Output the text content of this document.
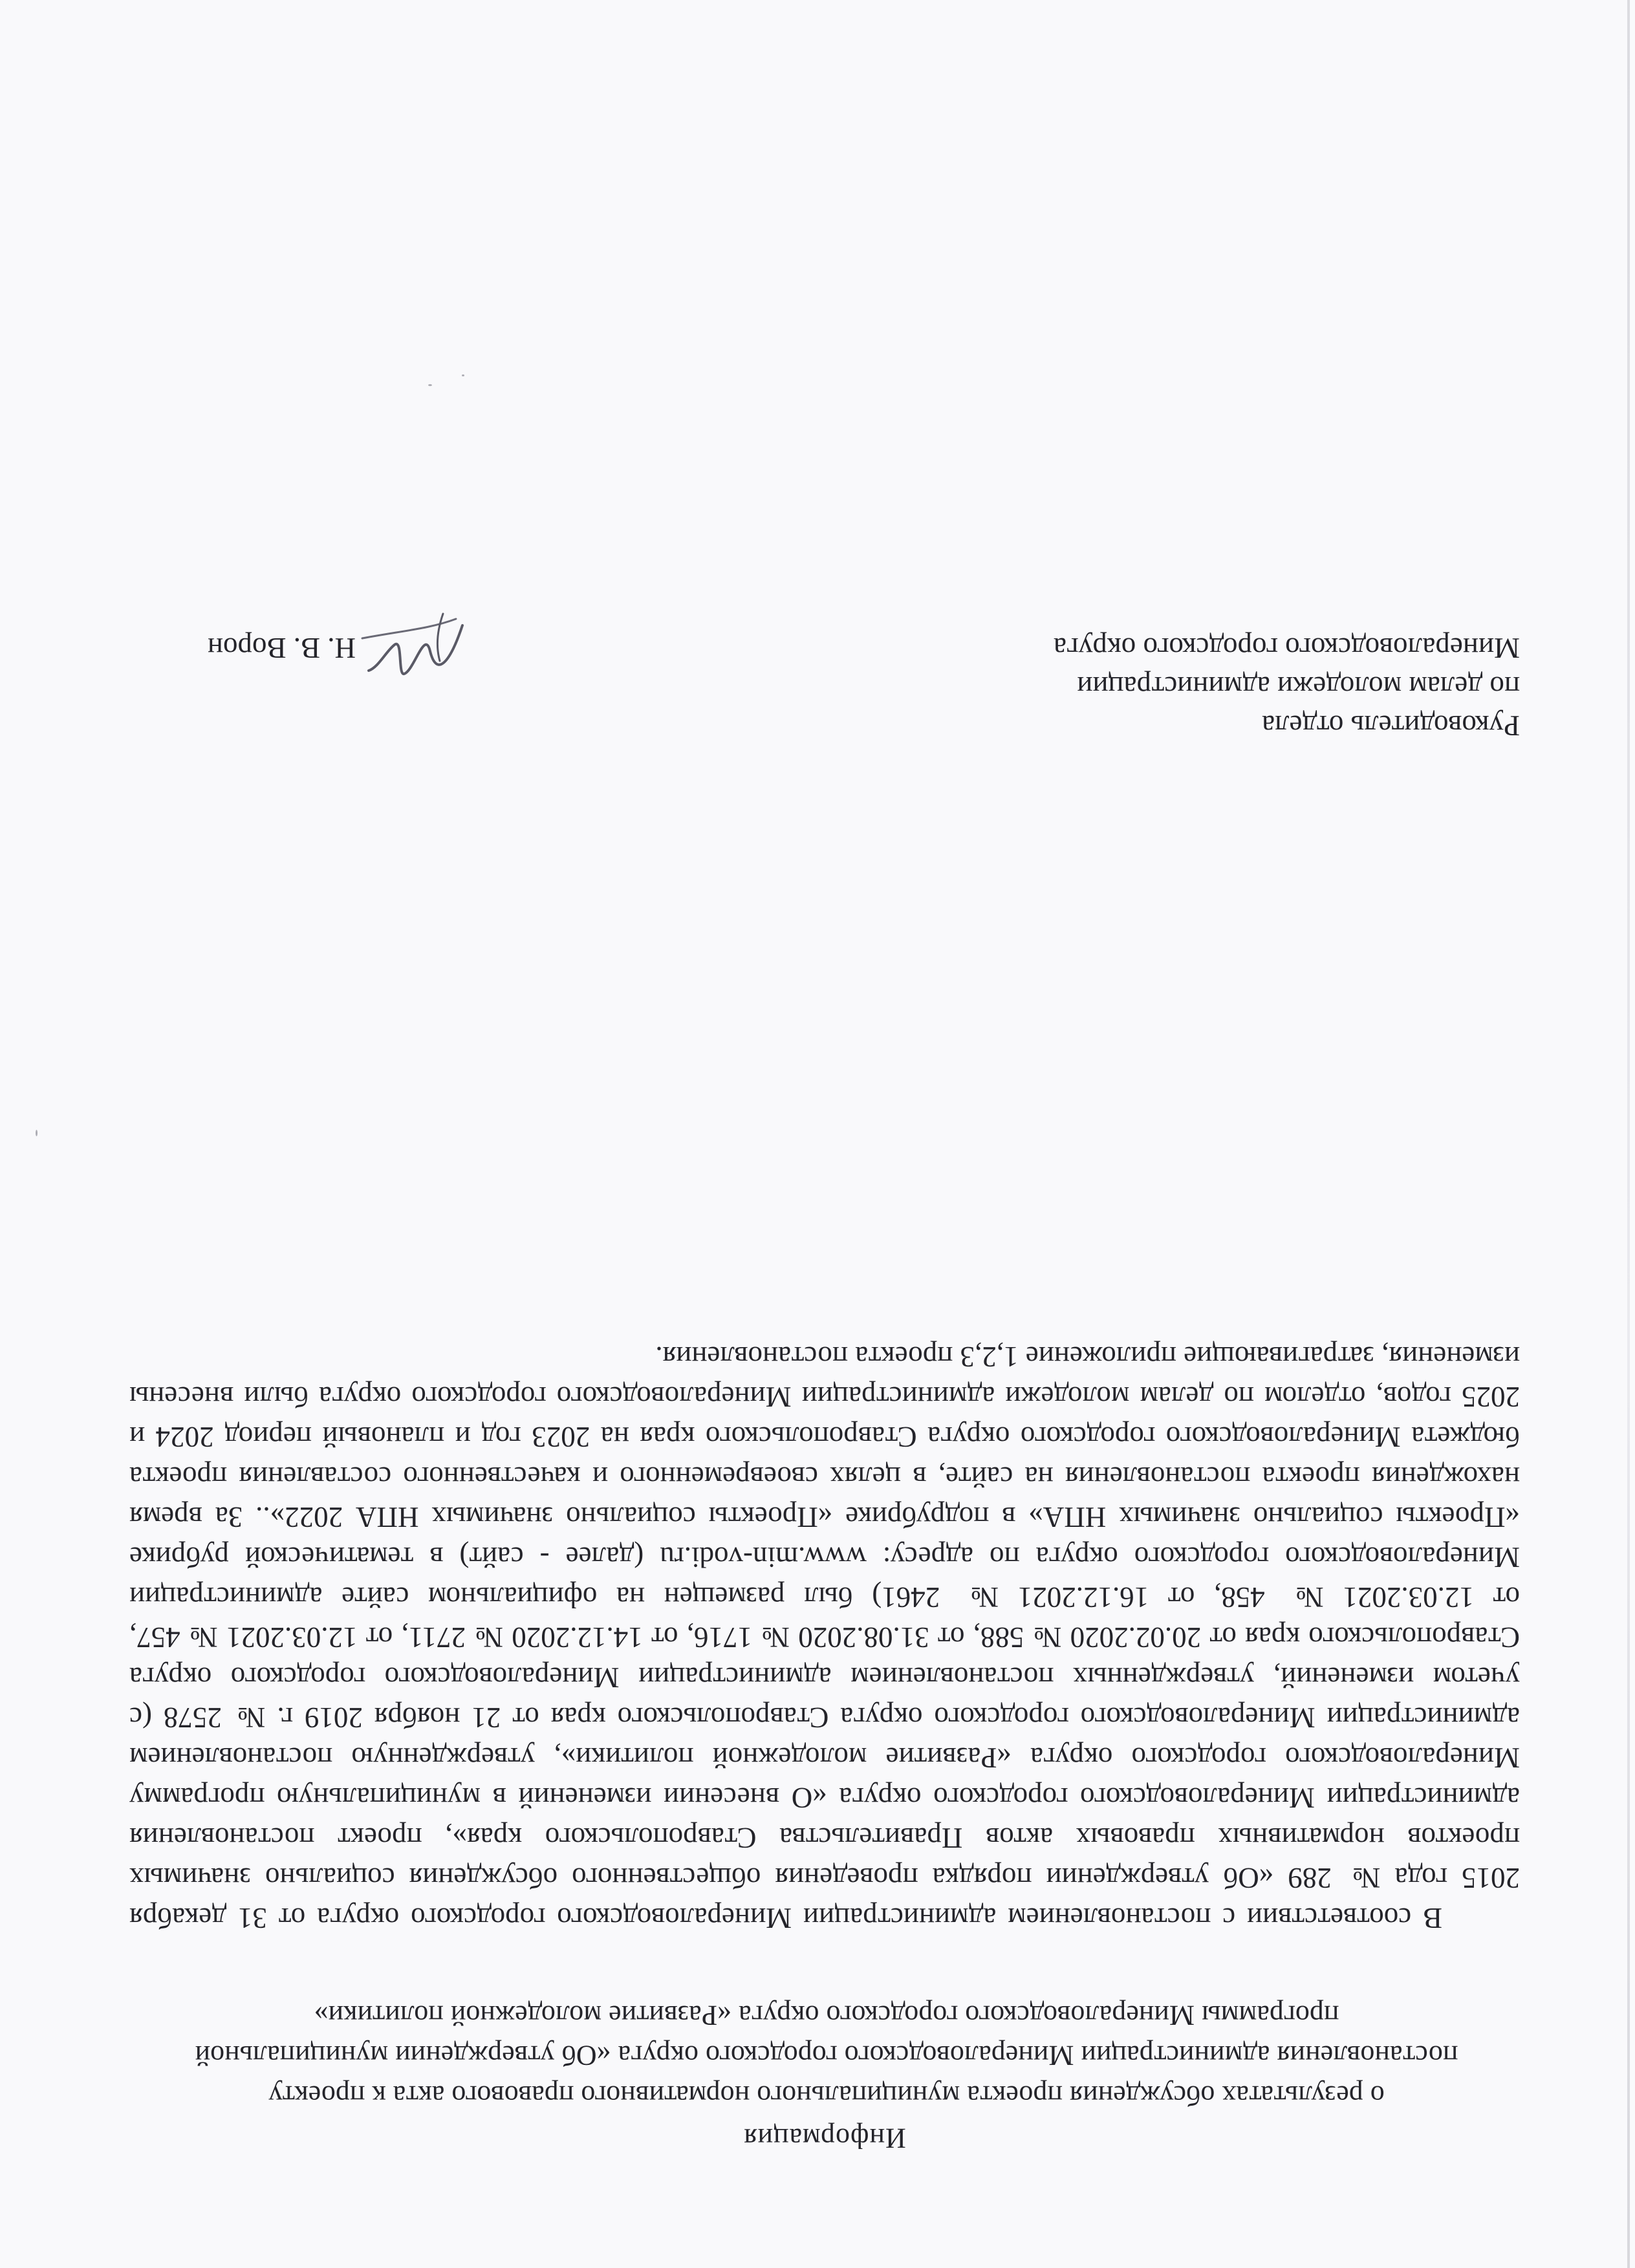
Информация
о результатах обсуждения проекта муниципального нормативного правового акта к проекту постановления администрации Минераловодского городского округа «Об утверждении муниципальной программы Минераловодского городского округа «Развитие молодежной политики»

В соответствии с постановлением администрации Минераловодского городского округа от 31 декабря 2015 года № 289 «Об утверждении порядка проведения общественного обсуждения социально значимых проектов нормативных правовых актов Правительства Ставропольского края», проект постановления администрации Минераловодского городского округа «О внесении изменений в муниципальную программу Минераловодского городского округа «Развитие молодежной политики», утвержденную постановлением администрации Минераловодского городского округа Ставропольского края от 21 ноября 2019 г. № 2578 (с учетом изменений, утвержденных постановлением администрации Минераловодского городского округа Ставропольского края от 20.02.2020 № 588, от 31.08.2020 № 1716, от 14.12.2020 № 2711, от 12.03.2021 № 457, от 12.03.2021 № 458, от 16.12.2021 № 2461) был размещен на официальном сайте администрации Минераловодского городского округа по адресу: www.min-vodi.ru (далее - сайт) в тематической рубрике «Проекты социально значимых НПА» в подрубрике «Проекты социально значимых НПА 2022».. За время нахождения проекта постановления на сайте, в целях своевременного и качественного составления проекта бюджета Минераловодского городского округа Ставропольского края на 2023 год и плановый период 2024 и 2025 годов, отделом по делам молодежи администрации Минераловодского городского округа были внесены изменения, затрагивающие приложение 1,2,3 проекта постановления.

Руководитель отдела
по делам молодежи администрации
Минераловодского городского округа
Н. В. Ворон
